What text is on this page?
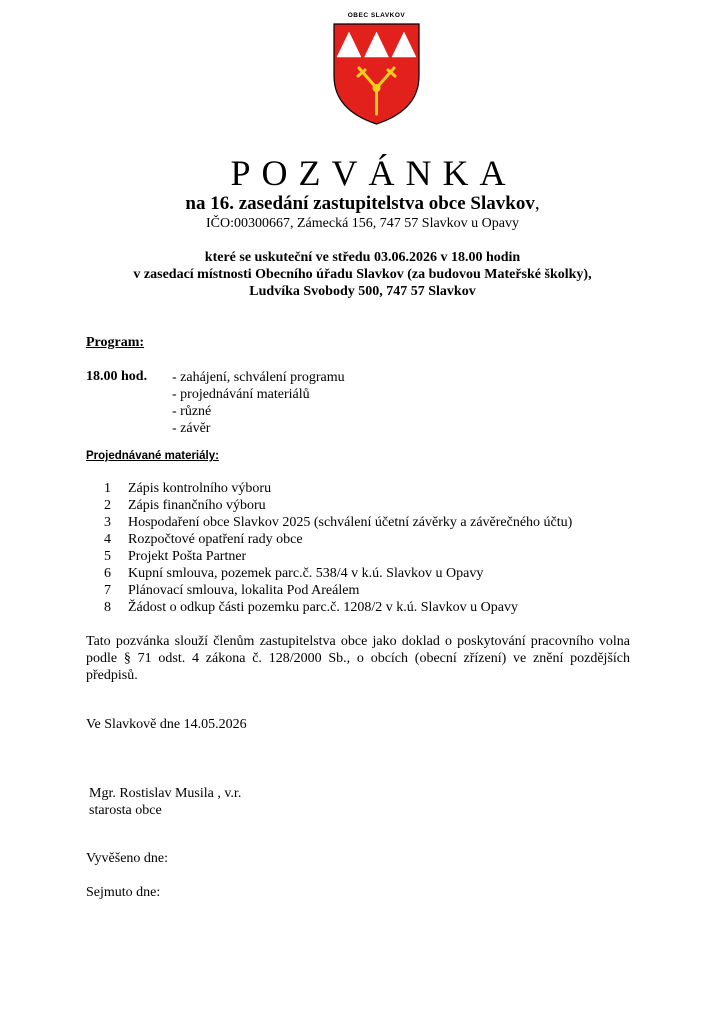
OBEC SLAVKOV
POZVÁNKA
na 16. zasedání zastupitelstva obce Slavkov,
IČO:00300667, Zámecká 156, 747 57 Slavkov u Opavy
které se uskuteční ve středu 03.06.2026 v 18.00 hodin
v zasedací místnosti Obecního úřadu Slavkov (za budovou Mateřské školky),
Ludvíka Svobody 500, 747 57 Slavkov
Program:
18.00 hod. - zahájení, schválení programu
- projednávání materiálů
- různé
- závěr
Projednávané materiály:
1 Zápis kontrolního výboru
2 Zápis finančního výboru
3 Hospodaření obce Slavkov 2025 (schválení účetní závěrky a závěrečného účtu)
4 Rozpočtové opatření rady obce
5 Projekt Pošta Partner
6 Kupní smlouva, pozemek parc.č. 538/4 v k.ú. Slavkov u Opavy
7 Plánovací smlouva, lokalita Pod Areálem
8 Žádost o odkup části pozemku parc.č. 1208/2 v k.ú. Slavkov u Opavy
Tato pozvánka slouží členům zastupitelstva obce jako doklad o poskytování pracovního volna podle § 71 odst. 4 zákona č. 128/2000 Sb., o obcích (obecní zřízení) ve znění pozdějších předpisů.
Ve Slavkově dne 14.05.2026
Mgr. Rostislav Musila , v.r.
starosta obce
Vyvěšeno dne:
Sejmuto dne:
